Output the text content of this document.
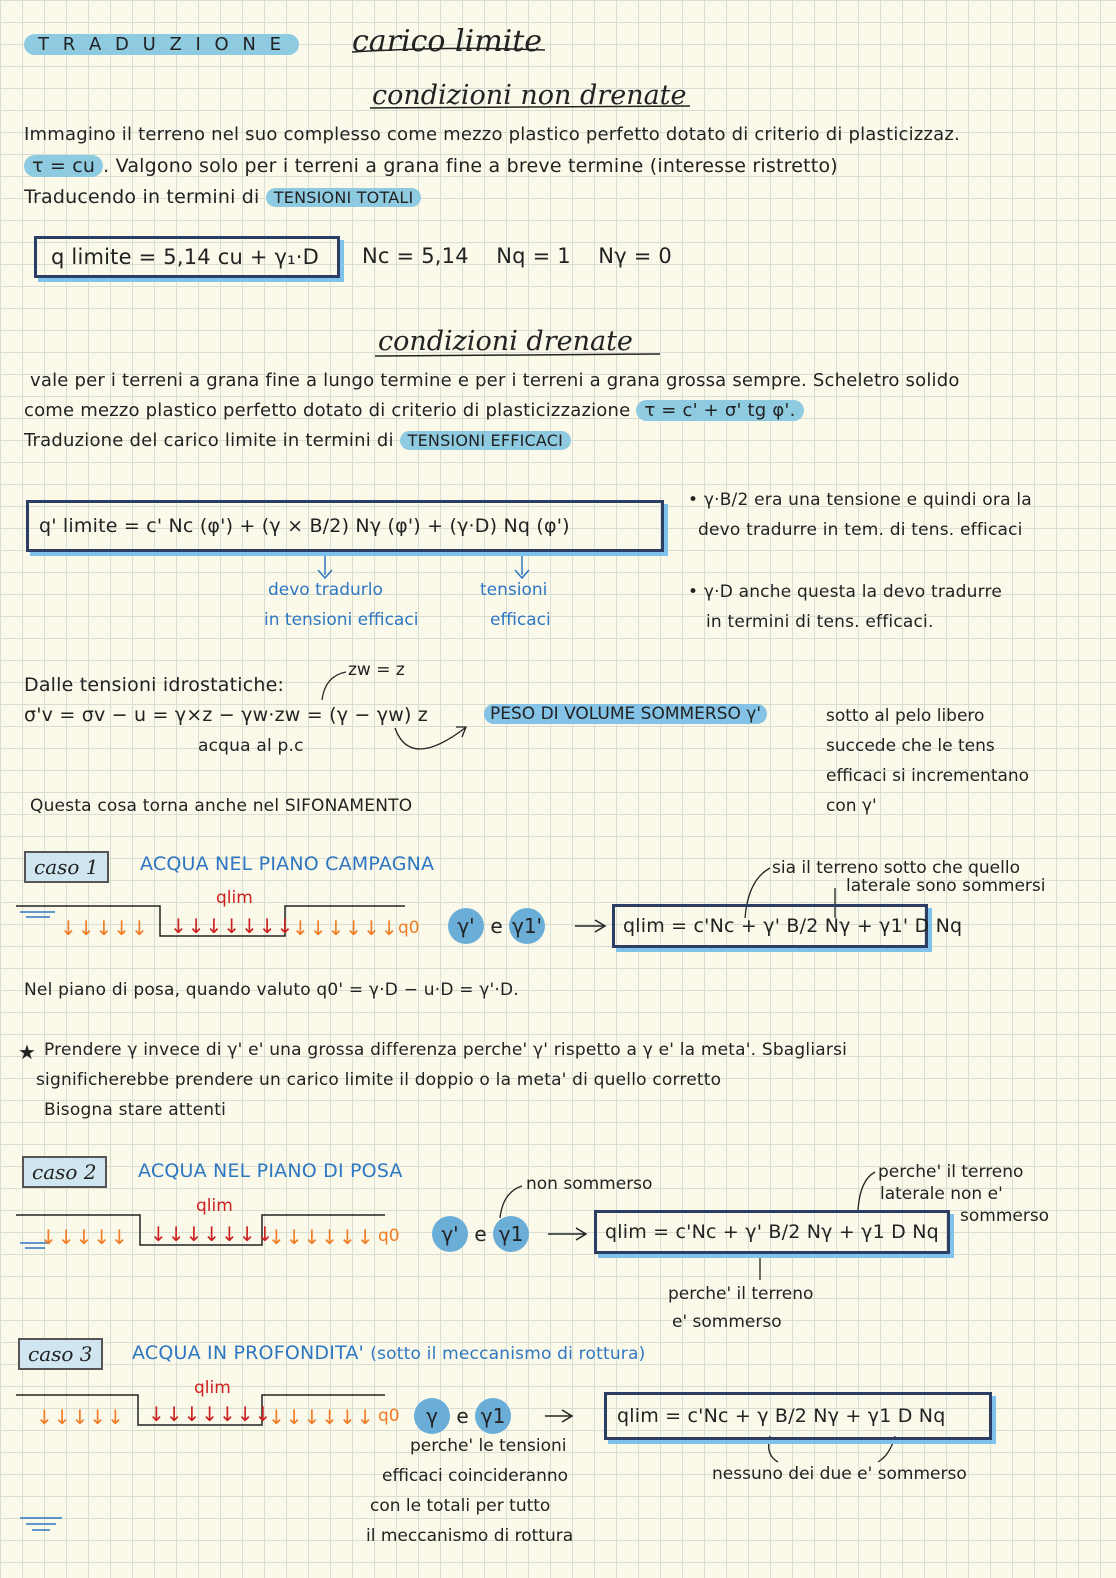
T R A D U Z I O N E	carico limite
condizioni non drenate
Immagino il terreno nel suo complesso come mezzo plastico perfetto dotato di criterio di plasticizzaz.
τ = cu . Valgono solo per i terreni a grana fine a breve termine (interesse ristretto)
Traducendo in termini di TENSIONI TOTALI
q limite = 5,14 cu + γ₁·D	Nc = 5,14    Nq = 1    Nγ = 0
condizioni drenate
vale per i terreni a grana fine a lungo termine e per i terreni a grana grossa sempre. Scheletro solido
come mezzo plastico perfetto dotato di criterio di plasticizzazione τ = c' + σ' tg φ'.
Traduzione del carico limite in termini di TENSIONI EFFICACI
q' limite = c' Nc (φ') + (γ × B/2) Nγ (φ') + (γ·D) Nq (φ')
devo tradurlo
in tensioni efficaci
tensioni
efficaci
• γ·B/2 era una tensione e quindi ora la
devo tradurre in tem. di tens. efficaci
• γ·D anche questa la devo tradurre
in termini di tens. efficaci.
Dalle tensioni idrostatiche:
zw = z
σ'v = σv − u = γ×z − γw·zw = (γ − γw) z
acqua al p.c
PESO DI VOLUME SOMMERSO γ'	sotto al pelo libero
succede che le tens
efficaci si incrementano
con γ'
Questa cosa torna anche nel SIFONAMENTO
caso 1	ACQUA NEL PIANO CAMPAGNA
qlim
↓↓↓↓↓ ↓↓↓↓↓↓↓
↓↓↓↓↓↓ q0	γ' e γ1'	qlim = c'Nc + γ' B/2 Nγ + γ1' D Nq
sia il terreno sotto che quello
laterale sono sommersi
Nel piano di posa, quando valuto q0' = γ·D − u·D = γ'·D.
★ Prendere γ invece di γ' e' una grossa differenza perche' γ' rispetto a γ e' la meta'. Sbagliarsi
significherebbe prendere un carico limite il doppio o la meta' di quello corretto
Bisogna stare attenti
caso 2	ACQUA NEL PIANO DI POSA
qlim
↓↓↓↓↓ ↓↓↓↓↓↓↓
↓↓↓↓↓↓ q0	γ' e γ1	qlim = c'Nc + γ' B/2 Nγ + γ1 D Nq
non sommerso
perche' il terreno
laterale non e'
sommerso
perche' il terreno
e' sommerso
caso 3	ACQUA IN PROFONDITA' (sotto il meccanismo di rottura)
qlim
↓↓↓↓↓ ↓↓↓↓↓↓↓
↓↓↓↓↓↓ q0	γ e γ1	qlim = c'Nc + γ B/2 Nγ + γ1 D Nq
perche' le tensioni
efficaci coincideranno
con le totali per tutto
il meccanismo di rottura
nessuno dei due e' sommerso
